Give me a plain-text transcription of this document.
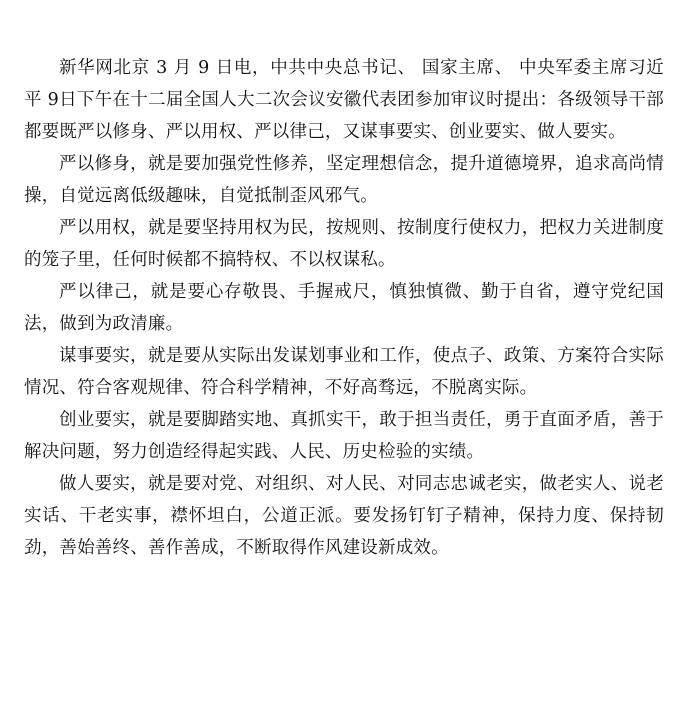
新华网北京 3 月 9 日电，中共中央总书记、 国家主席、 中央军委主席习近平 9日下午在十二届全国人大二次会议安徽代表团参加审议时提出：各级领导干部都要既严以修身、严以用权、严以律己，又谋事要实、创业要实、做人要实。

严以修身，就是要加强党性修养，坚定理想信念，提升道德境界，追求高尚情操，自觉远离低级趣味，自觉抵制歪风邪气。

严以用权，就是要坚持用权为民，按规则、按制度行使权力，把权力关进制度的笼子里，任何时候都不搞特权、不以权谋私。

严以律己，就是要心存敬畏、手握戒尺，慎独慎微、勤于自省，遵守党纪国法，做到为政清廉。

谋事要实，就是要从实际出发谋划事业和工作，使点子、政策、方案符合实际情况、符合客观规律、符合科学精神，不好高骛远，不脱离实际。

创业要实，就是要脚踏实地、真抓实干，敢于担当责任，勇于直面矛盾，善于解决问题，努力创造经得起实践、人民、历史检验的实绩。

做人要实，就是要对党、对组织、对人民、对同志忠诚老实，做老实人、说老实话、干老实事，襟怀坦白，公道正派。要发扬钉钉子精神，保持力度、保持韧劲，善始善终、善作善成，不断取得作风建设新成效。
